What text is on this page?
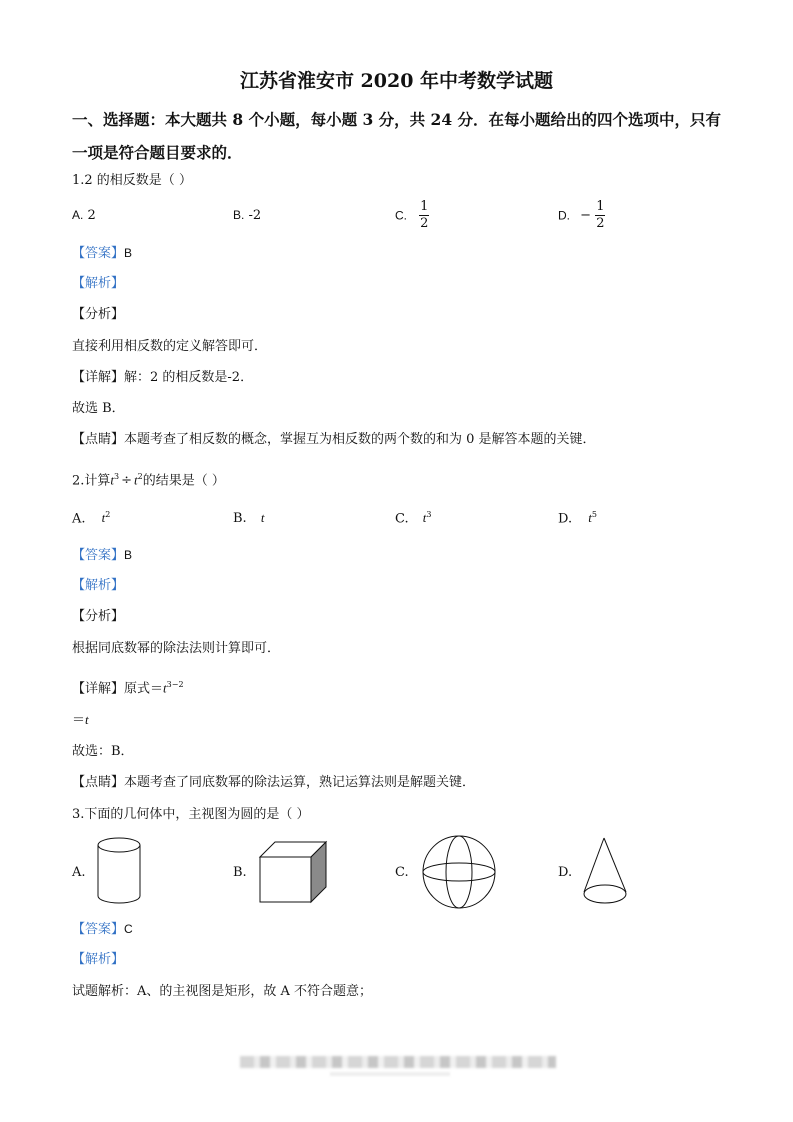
江苏省淮安市 2020 年中考数学试题
一、选择题：本大题共 8 个小题，每小题 3 分，共 24 分．在每小题给出的四个选项中，只有
一项是符合题目要求的．
1.2 的相反数是（ ）
A. 2	B. -2	C. $\frac{1}{2}$	D. − $\frac{1}{2}$
【答案】B
【解析】
【分析】
直接利用相反数的定义解答即可．
【详解】解：2 的相反数是-2．
故选 B．
【点睛】本题考查了相反数的概念，掌握互为相反数的两个数的和为 0 是解答本题的关键．
2.计算$t^3 \div t^2$的结果是（ ）
A. $t^2$	B. t	C. $t^3$	D. $t^5$
【答案】B
【解析】
【分析】
根据同底数幂的除法法则计算即可．
【详解】原式$=t^{3-2}$
＝t
故选：B．
【点睛】本题考查了同底数幂的除法运算，熟记运算法则是解题关键．
3.下面的几何体中，主视图为圆的是（ ）
A.	B.	C.	D.
【答案】C
【解析】
试题解析：A、的主视图是矩形，故 A 不符合题意；
